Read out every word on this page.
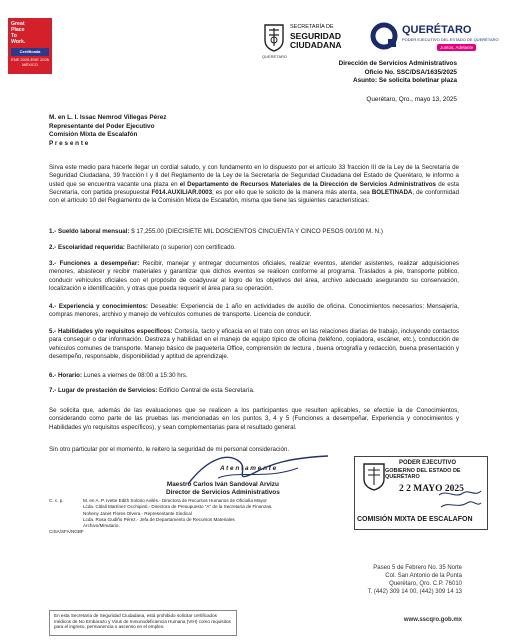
Great
Place
To
Work.
Certificada
ENE 2025-ENE 2026
MÉXICO
SECRETARÍA DE
SEGURIDAD
CIUDADANA
QUERÉTARO
QUERÉTARO
PODER EJECUTIVO DEL ESTADO DE QUERÉTARO
Juntos, Adelante
Dirección de Servicios Administrativos
Oficio No. SSC/DSA/1635/2025
Asunto: Se solicita boletinar plaza
Querétaro, Qro., mayo 13, 2025
M. en L. I. Issac Nemrod Villegas Pérez
Representante del Poder Ejecutivo
Comisión Mixta de Escalafón
P r e s e n t e
Sirva este medio para hacerle llegar un cordial saludo, y con fundamento en lo dispuesto por el artículo 33 fracción III de la Ley de la Secretaría de Seguridad Ciudadana, 39 fracción I y II del Reglamento de la Ley de la Secretaría de Seguridad Ciudadana del Estado de Querétaro, le informo a usted que se encuentra vacante una plaza en el Departamento de Recursos Materiales de la Dirección de Servicios Administrativos de esta Secretaría, con partida presupuestal F014.AUXILIAR.0003; es por ello que le solicito de la manera más atenta, sea BOLETINADA, de conformidad con el artículo 10 del Reglamento de la Comisión Mixta de Escalafón, misma que tiene las siguientes características:
1.- Sueldo laboral mensual: $ 17,255.00 (DIECISIETE MIL DOSCIENTOS CINCUENTA Y CINCO PESOS 00/100 M. N.)
2.- Escolaridad requerida: Bachillerato (o superior) con certificado.
3.- Funciones a desempeñar: Recibir, manejar y entregar documentos oficiales, realizar eventos, atender asistentes, realizar adquisiciones menores, abastecer y recibir materiales y garantizar que dichos eventos se realicen conforme al programa. Traslados a pie, transporte público, conducir vehículos oficiales con el propósito de coadyuvar al logro de los objetivos del área, archivo adecuado asegurando su conservación, localización e identificación, y otras que pueda requerir el área para su operación.
4.- Experiencia y conocimientos: Deseable: Experiencia de 1 año en actividades de auxilio de oficina. Conocimientos necesarios: Mensajería, compras menores, archivo y manejo de vehículos comunes de transporte. Licencia de conducir.
5.- Habilidades y/o requisitos específicos: Cortesía, tacto y eficacia en el trato con otros en las relaciones diarias de trabajo, incluyendo contactos para conseguir o dar información. Destreza y habilidad en el manejo de equipo típico de oficina (teléfono, copiadora, escáner, etc.), conducción de vehículos comunes de transporte. Manejo básico de paquetería Office, comprensión de lectura , buena ortografía y redacción, buena presentación y desempeño, responsable, disponibilidad y aptitud de aprendizaje.
6.- Horario: Lunes a viernes de 08:00 a 15:30 hrs.
7.- Lugar de prestación de Servicios: Edificio Central de esta Secretaría.
Se solicita que, además de las evaluaciones que se realicen a los participantes que resulten aplicables, se efectúe la de Conocimientos, considerando como parte de las pruebas las mencionadas en los puntos 3, 4 y 5 (Funciones a desempeñar, Experiencia y conocimientos y Habilidades y/o requisitos específicos), y sean complementarias para el resultado general.
Sin otro particular por el momento, le reitero la seguridad de mi personal consideración.
A t e n t a m e n t e
Maestro Carlos Iván Sandoval Arvizu
Director de Servicios Administrativos
C. c. p.	M. en A. P. Ivette Edith Solorio Avilés.- Directora de Recursos Humanos de Oficialía Mayor
Lcda. Citlali Martínez Occhipinti.- Directora de Presupuesto "A" de la Secretaría de Finanzas.
Noheny Janet Flores Olvera.- Representante Sindical
Lcda. Rosa Gudiño Pérez.- Jefa de Departamento de Recursos Materiales
Archivo/Minutario.
CISA/SFA/NGBF
PODER EJECUTIVO
GOBIERNO DEL ESTADO DE QUERÉTARO
2 2 MAYO 2025
COMISIÓN MIXTA DE ESCALAFON
Paseo 5 de Febrero No. 35 Norte
Col. San Antonio de la Punta
Querétaro, Qro. C.P. 76010
T. (442) 309 14 00, (442) 309 14 13
www.sscqro.gob.mx
En esta Secretaría de Seguridad Ciudadana, está prohibido solicitar certificados médicos de No Embarazo y Virus de Inmunodeficiencia Humana (VIH) como requisitos para el ingreso, permanencia o ascenso en el empleo.
